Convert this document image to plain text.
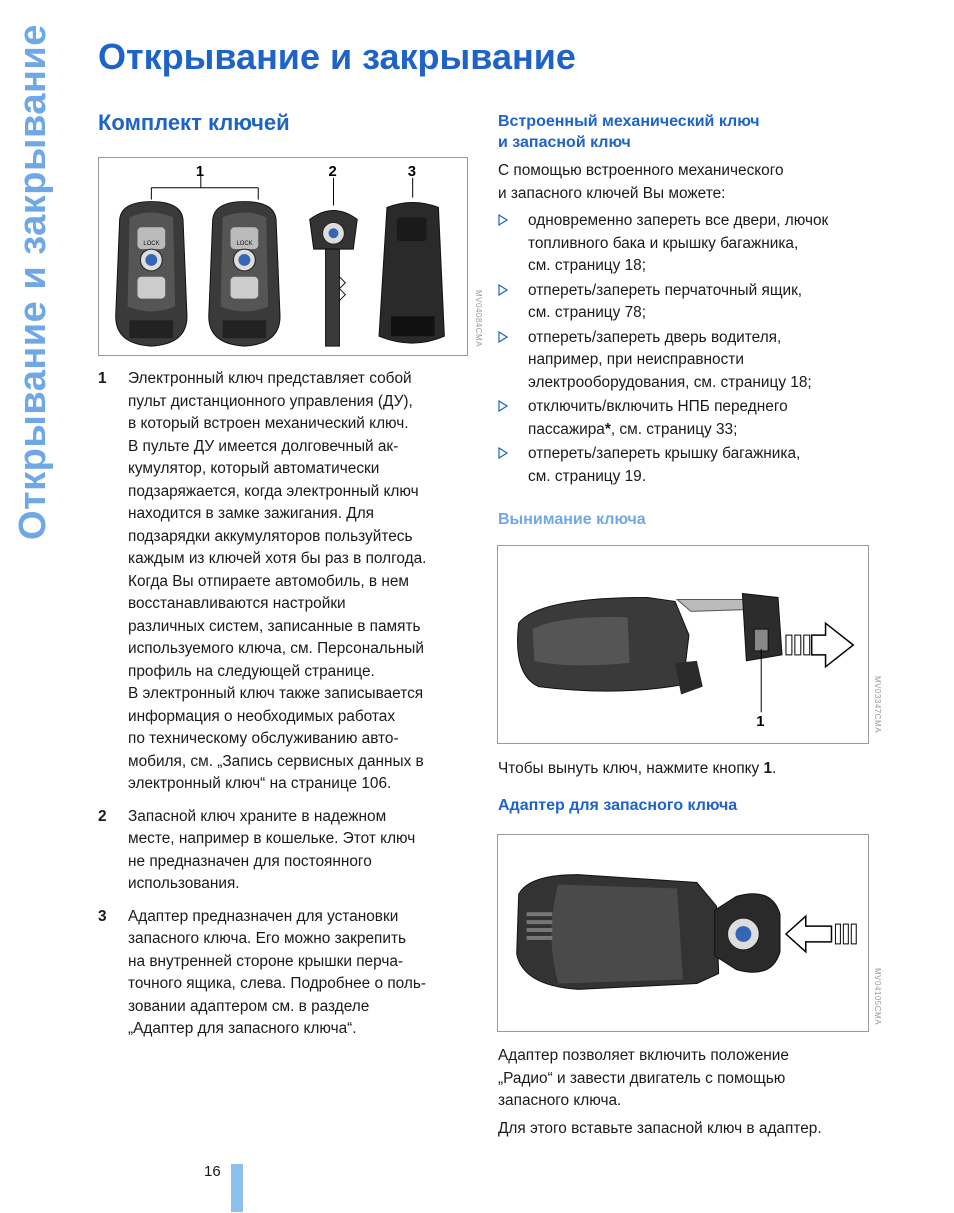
Открывание и закрывание Открывание и закрывание
Комплект ключей
1	2	3
LOCK	LOCK
MV04084CMA
1 Электронный ключ представляет собой
пульт дистанционного управления (ДУ),
в который встроен механический ключ.
В пульте ДУ имеется долговечный ак-
кумулятор, который автоматически
подзаряжается, когда электронный ключ
находится в замке зажигания. Для
подзарядки аккумуляторов пользуйтесь
каждым из ключей хотя бы раз в полгода.
Когда Вы отпираете автомобиль, в нем
восстанавливаются настройки
различных систем, записанные в память
используемого ключа, см. Персональный
профиль на следующей странице.
В электронный ключ также записывается
информация о необходимых работах
по техническому обслуживанию авто-
мобиля, см. „Запись сервисных данных в
электронный ключ“ на странице 106.
2 Запасной ключ храните в надежном
месте, например в кошельке. Этот ключ
не предназначен для постоянного
использования.
3 Адаптер предназначен для установки
запасного ключа. Его можно закрепить
на внутренней стороне крышки перча-
точного ящика, слева. Подробнее о поль-
зовании адаптером см. в разделе
„Адаптер для запасного ключа“.
Встроенный механический ключ
и запасной ключ

С помощью встроенного механического
и запасного ключей Вы можете:

одновременно запереть все двери, лючок
топливного бака и крышку багажника,
см. страницу 18;
отпереть/запереть перчаточный ящик,
см. страницу 78;
отпереть/запереть дверь водителя,
например, при неисправности
электрооборудования, см. страницу 18;
отключить/включить НПБ переднего
пассажира*, см. страницу 33;
отпереть/запереть крышку багажника,
см. страницу 19.
Вынимание ключа
1	MV03347CMA

Чтобы вынуть ключ, нажмите кнопку 1.

Адаптер для запасного ключа
MV04105CMA

Адаптер позволяет включить положение
„Радио“ и завести двигатель с помощью
запасного ключа.

Для этого вставьте запасной ключ в адаптер.

16
